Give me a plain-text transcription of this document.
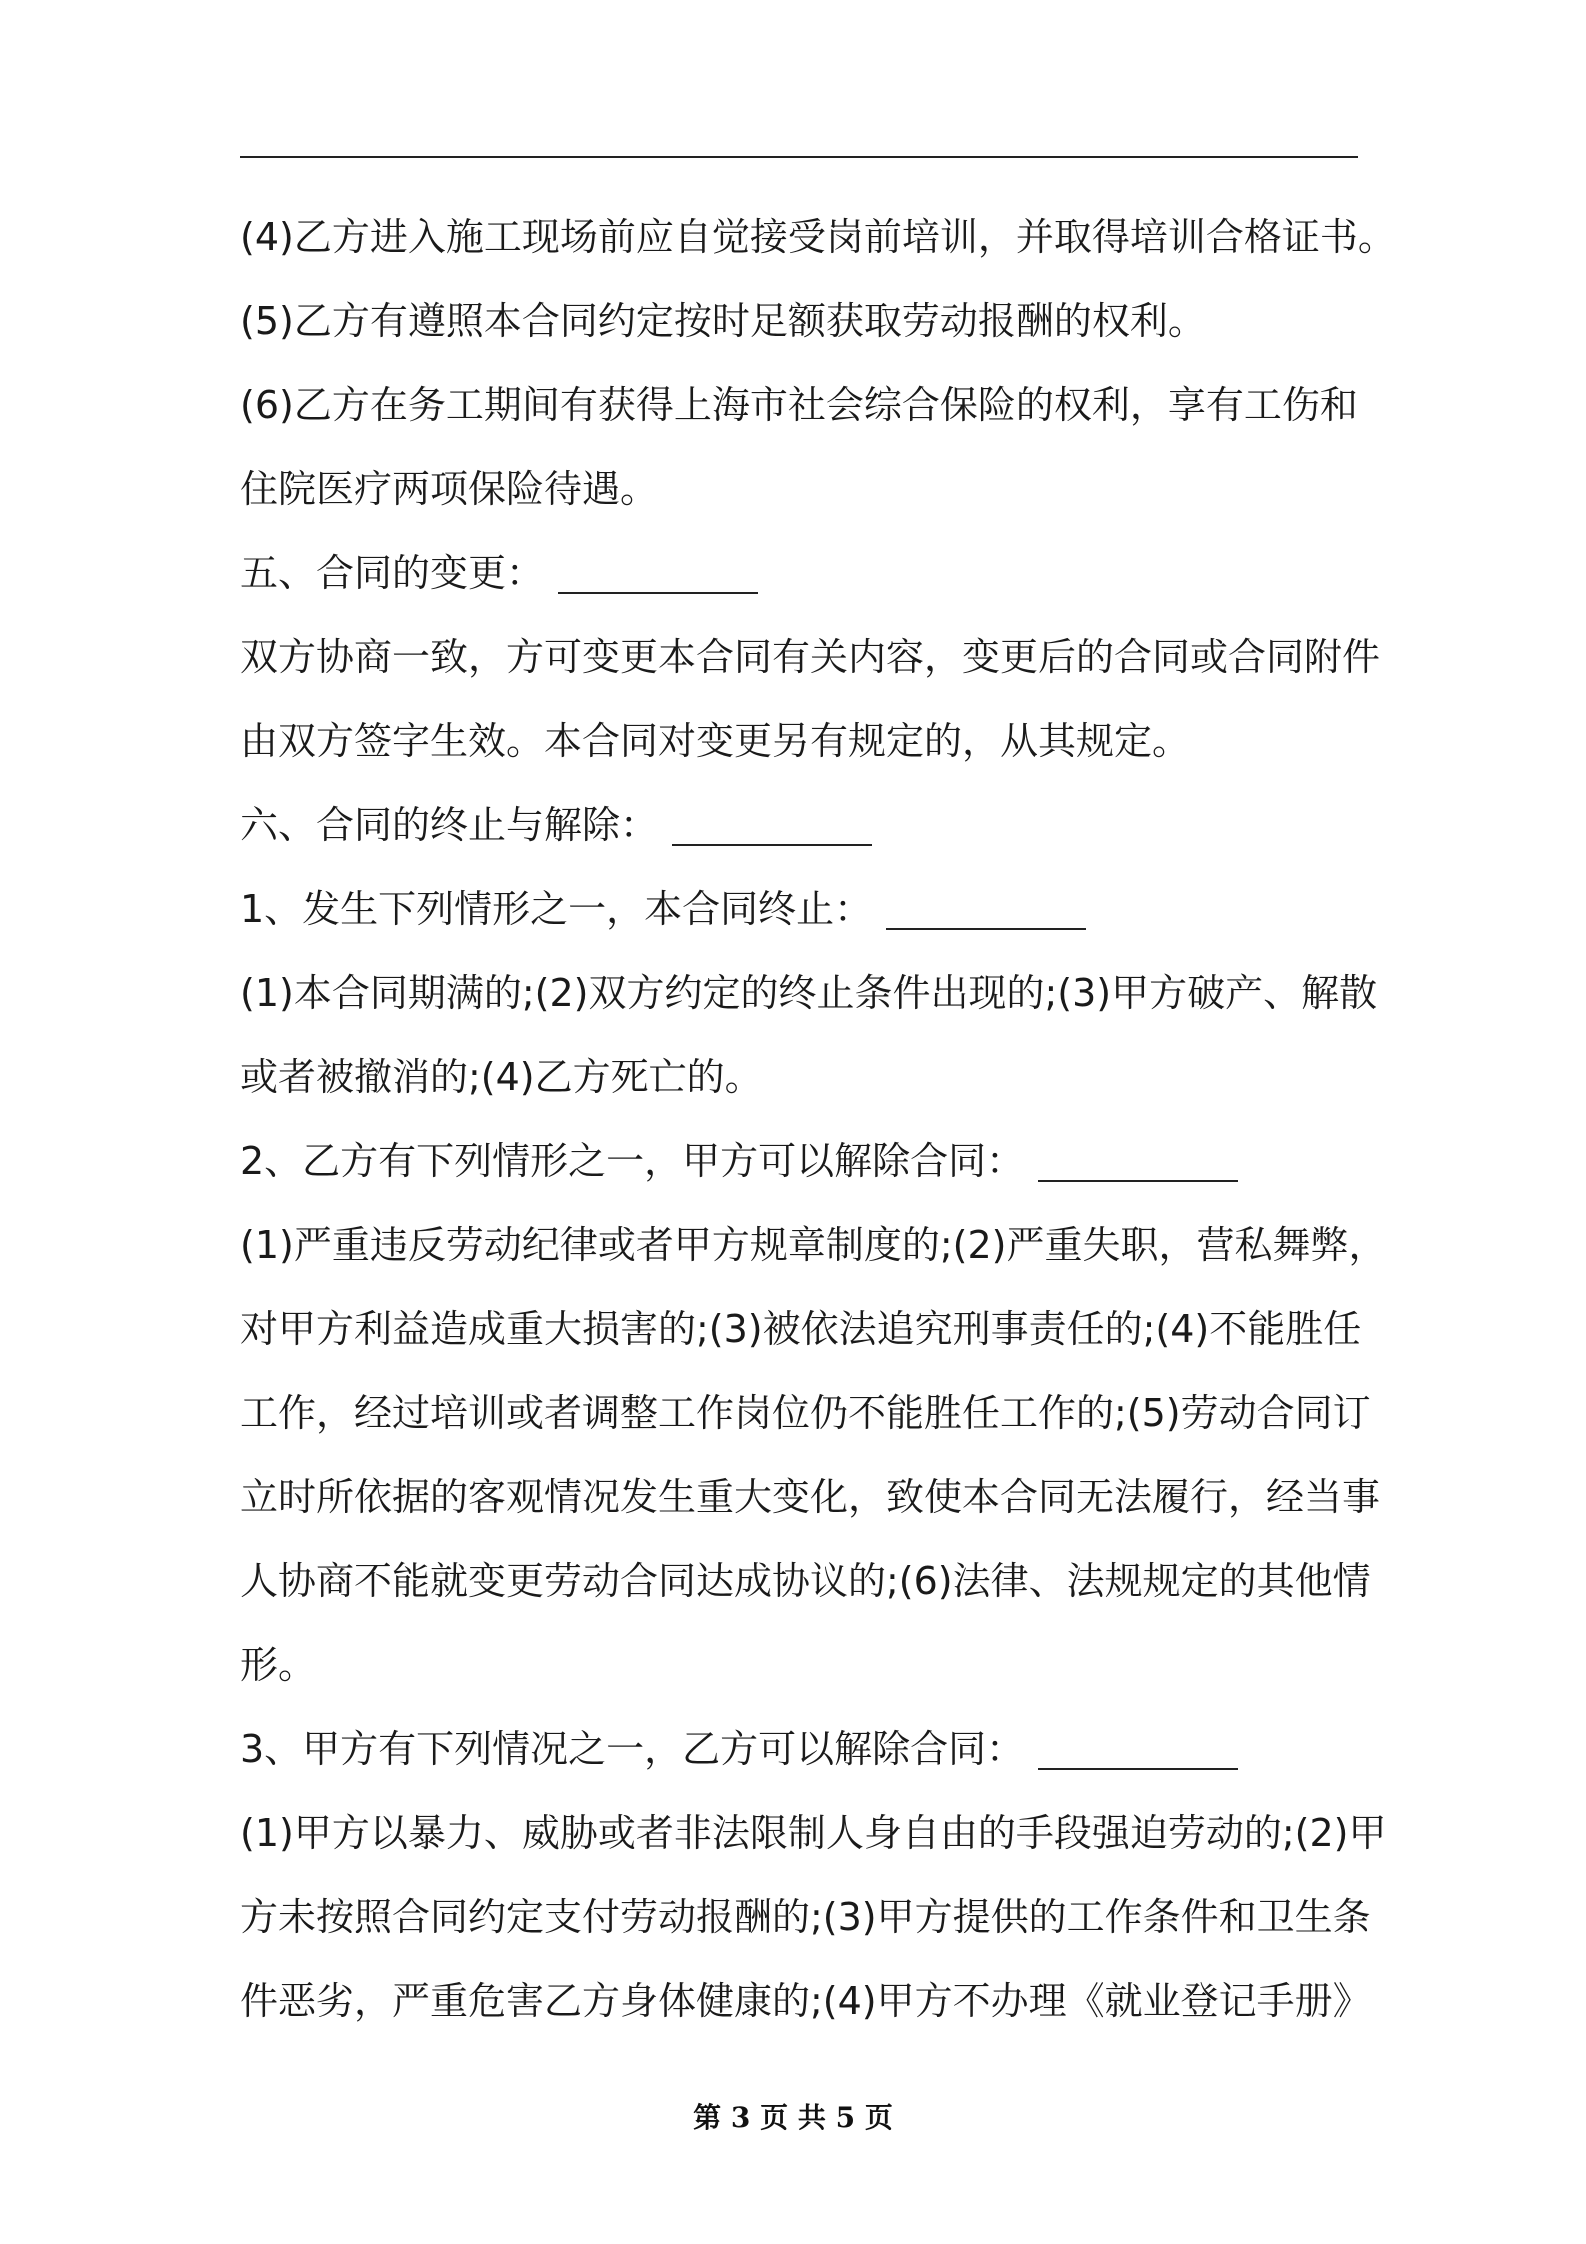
(4)乙方进入施工现场前应自觉接受岗前培训，并取得培训合格证书。
(5)乙方有遵照本合同约定按时足额获取劳动报酬的权利。
(6)乙方在务工期间有获得上海市社会综合保险的权利，享有工伤和
住院医疗两项保险待遇。
五、合同的变更：
双方协商一致，方可变更本合同有关内容，变更后的合同或合同附件
由双方签字生效。本合同对变更另有规定的，从其规定。
六、合同的终止与解除：
1、发生下列情形之一，本合同终止：
(1)本合同期满的;(2)双方约定的终止条件出现的;(3)甲方破产、解散
或者被撤消的;(4)乙方死亡的。
2、乙方有下列情形之一，甲方可以解除合同：
(1)严重违反劳动纪律或者甲方规章制度的;(2)严重失职，营私舞弊，
对甲方利益造成重大损害的;(3)被依法追究刑事责任的;(4)不能胜任
工作，经过培训或者调整工作岗位仍不能胜任工作的;(5)劳动合同订
立时所依据的客观情况发生重大变化，致使本合同无法履行，经当事
人协商不能就变更劳动合同达成协议的;(6)法律、法规规定的其他情
形。
3、甲方有下列情况之一，乙方可以解除合同：
(1)甲方以暴力、威胁或者非法限制人身自由的手段强迫劳动的;(2)甲
方未按照合同约定支付劳动报酬的;(3)甲方提供的工作条件和卫生条
件恶劣，严重危害乙方身体健康的;(4)甲方不办理《就业登记手册》
第 3 页 共 5 页
